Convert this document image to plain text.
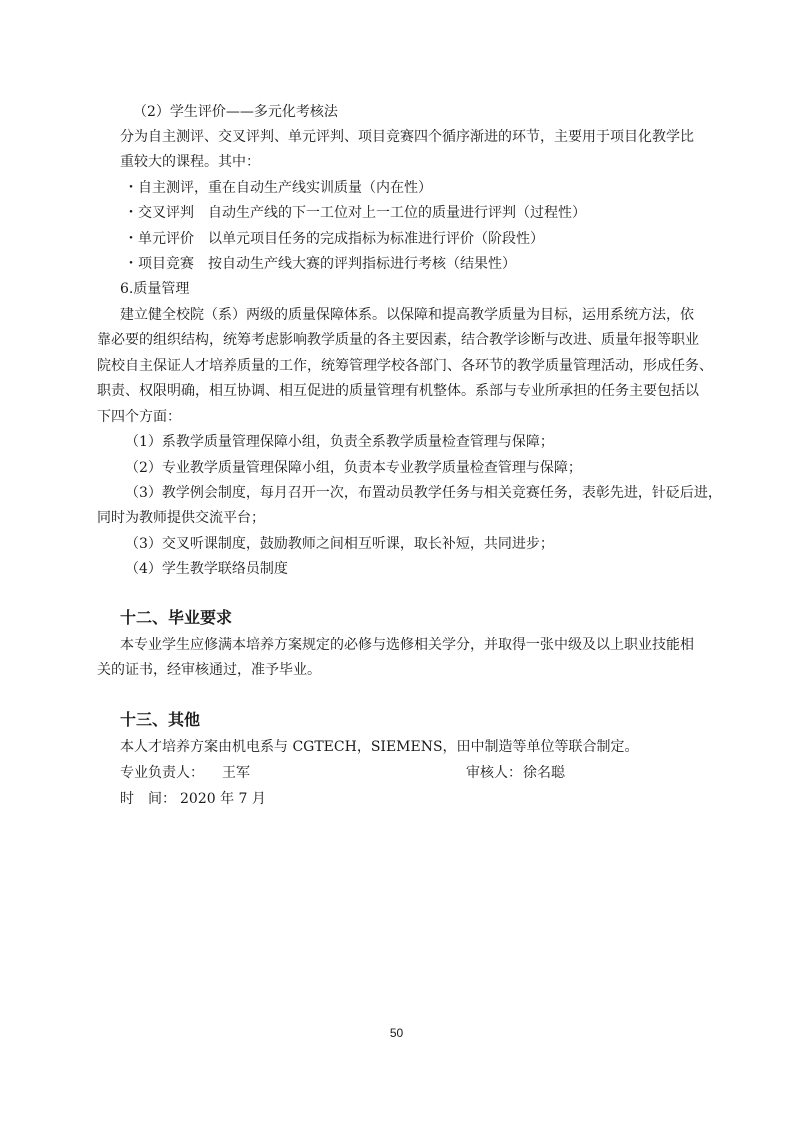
（2）学生评价——多元化考核法
分为自主测评、交叉评判、单元评判、项目竞赛四个循序渐进的环节，主要用于项目化教学比
重较大的课程。其中：
・自主测评，重在自动生产线实训质量（内在性）
・交叉评判　自动生产线的下一工位对上一工位的质量进行评判（过程性）
・单元评价　以单元项目任务的完成指标为标准进行评价（阶段性）
・项目竞赛　按自动生产线大赛的评判指标进行考核（结果性）
6.质量管理
建立健全校院（系）两级的质量保障体系。以保障和提高教学质量为目标，运用系统方法，依
靠必要的组织结构，统筹考虑影响教学质量的各主要因素，结合教学诊断与改进、质量年报等职业
院校自主保证人才培养质量的工作，统筹管理学校各部门、各环节的教学质量管理活动，形成任务、
职责、权限明确，相互协调、相互促进的质量管理有机整体。系部与专业所承担的任务主要包括以
下四个方面：
（1）系教学质量管理保障小组，负责全系教学质量检查管理与保障；
（2）专业教学质量管理保障小组，负责本专业教学质量检查管理与保障；
（3）教学例会制度，每月召开一次，布置动员教学任务与相关竞赛任务，表彰先进，针砭后进，
同时为教师提供交流平台；
（3）交叉听课制度，鼓励教师之间相互听课，取长补短，共同进步；
（4）学生教学联络员制度
十二、毕业要求
本专业学生应修满本培养方案规定的必修与选修相关学分，并取得一张中级及以上职业技能相
关的证书，经审核通过，准予毕业。
十三、其他
本人才培养方案由机电系与 CGTECH，SIEMENS，田中制造等单位等联合制定。
专业负责人： 王军	审核人： 徐名聪
时　间： 2020 年 7 月
50
